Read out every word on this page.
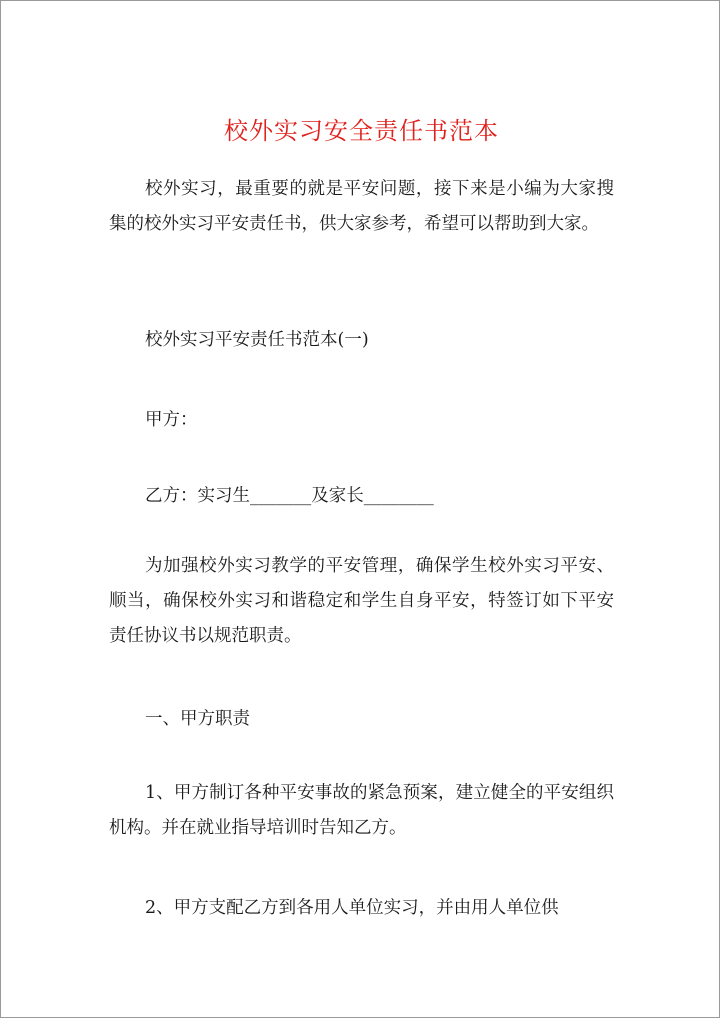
校外实习安全责任书范本

校外实习，最重要的就是平安问题，接下来是小编为大家搜集的校外实习平安责任书，供大家参考，希望可以帮助到大家。

校外实习平安责任书范本(一)

甲方：

乙方：实习生_______及家长________

为加强校外实习教学的平安管理，确保学生校外实习平安、顺当，确保校外实习和谐稳定和学生自身平安，特签订如下平安责任协议书以规范职责。

一、甲方职责

1、甲方制订各种平安事故的紧急预案，建立健全的平安组织机构。并在就业指导培训时告知乙方。

2、甲方支配乙方到各用人单位实习，并由用人单位供
